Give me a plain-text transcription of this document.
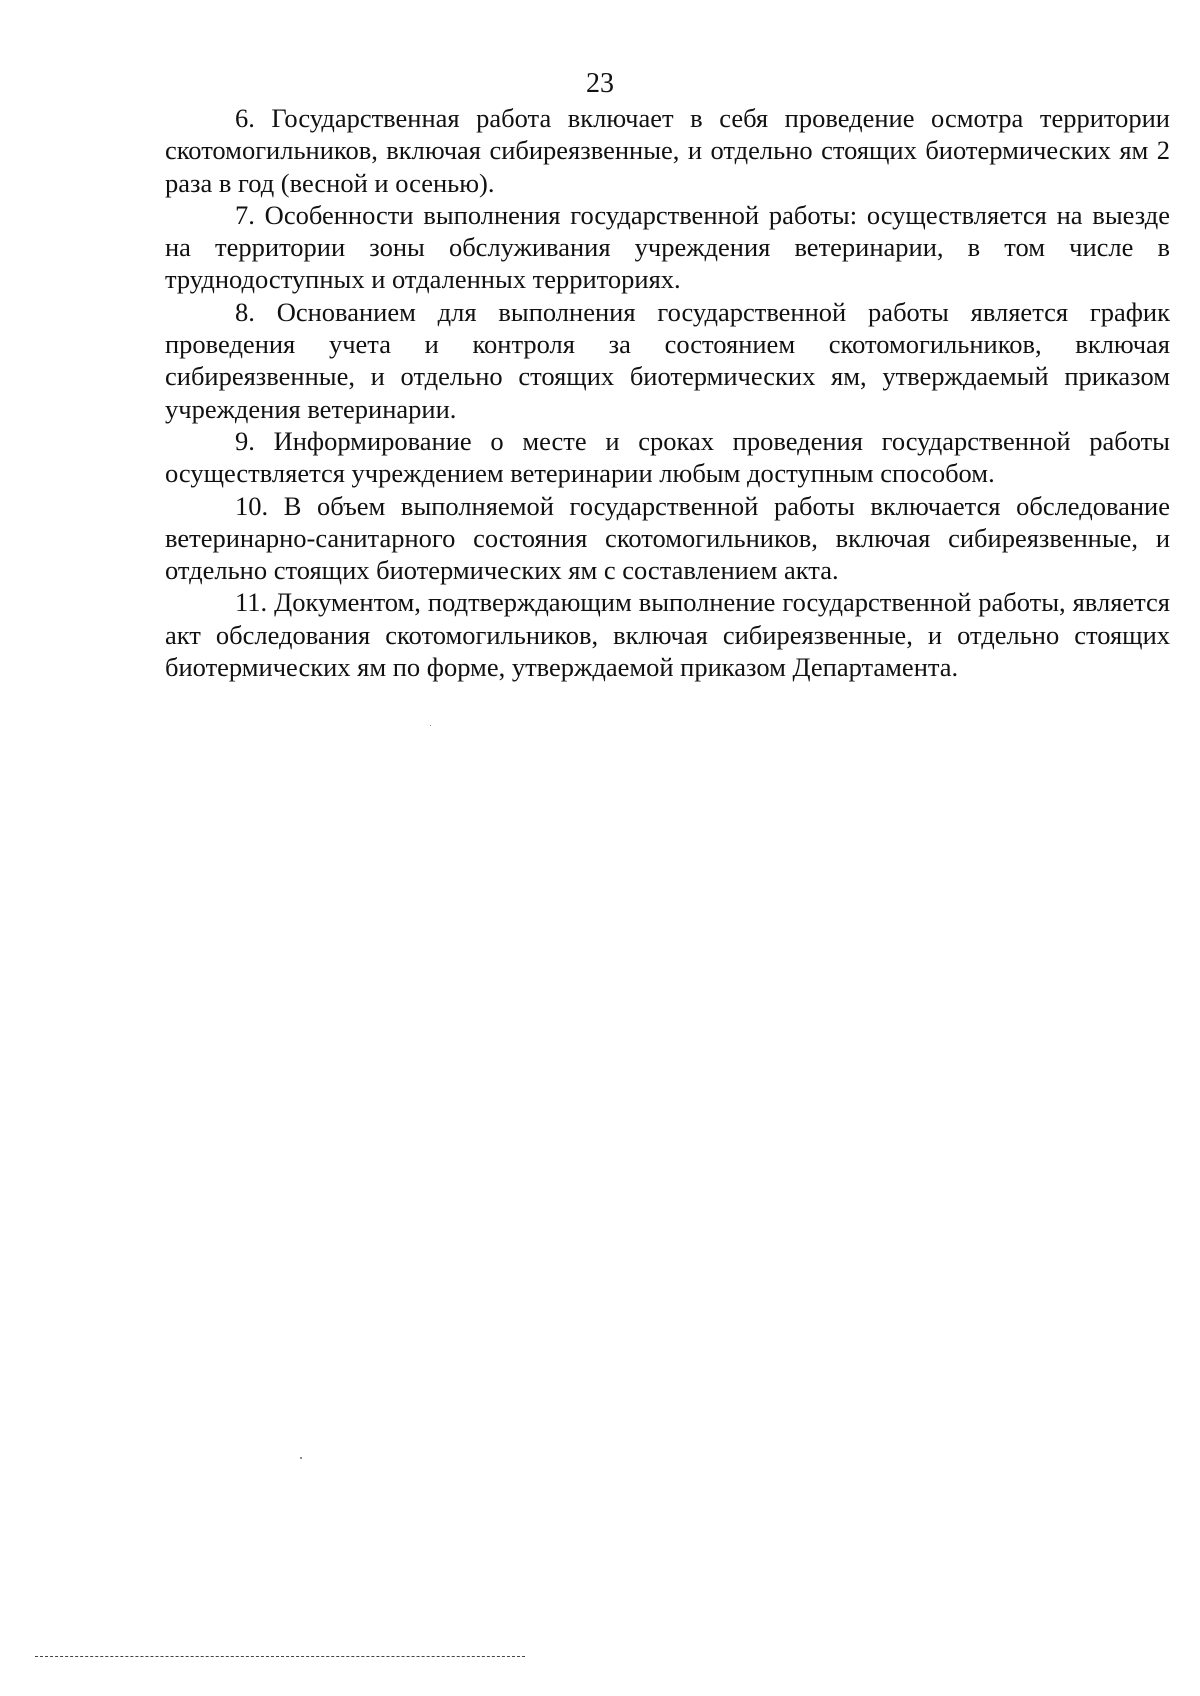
23

6. Государственная работа включает в себя проведение осмотра территории скотомогильников, включая сибиреязвенные, и отдельно стоящих биотермических ям 2 раза в год (весной и осенью).

7. Особенности выполнения государственной работы: осуществляется на выезде на территории зоны обслуживания учреждения ветеринарии, в том числе в труднодоступных и отдаленных территориях.

8. Основанием для выполнения государственной работы является график проведения учета и контроля за состоянием скотомогильников, включая сибиреязвенные, и отдельно стоящих биотермических ям, утверждаемый приказом учреждения ветеринарии.

9. Информирование о месте и сроках проведения государственной работы осуществляется учреждением ветеринарии любым доступным способом.

10. В объем выполняемой государственной работы включается обследование ветеринарно-санитарного состояния скотомогильников, включая сибиреязвенные, и отдельно стоящих биотермических ям с составлением акта.

11. Документом, подтверждающим выполнение государственной работы, является акт обследования скотомогильников, включая сибиреязвенные, и отдельно стоящих биотермических ям по форме, утверждаемой приказом Департамента.
